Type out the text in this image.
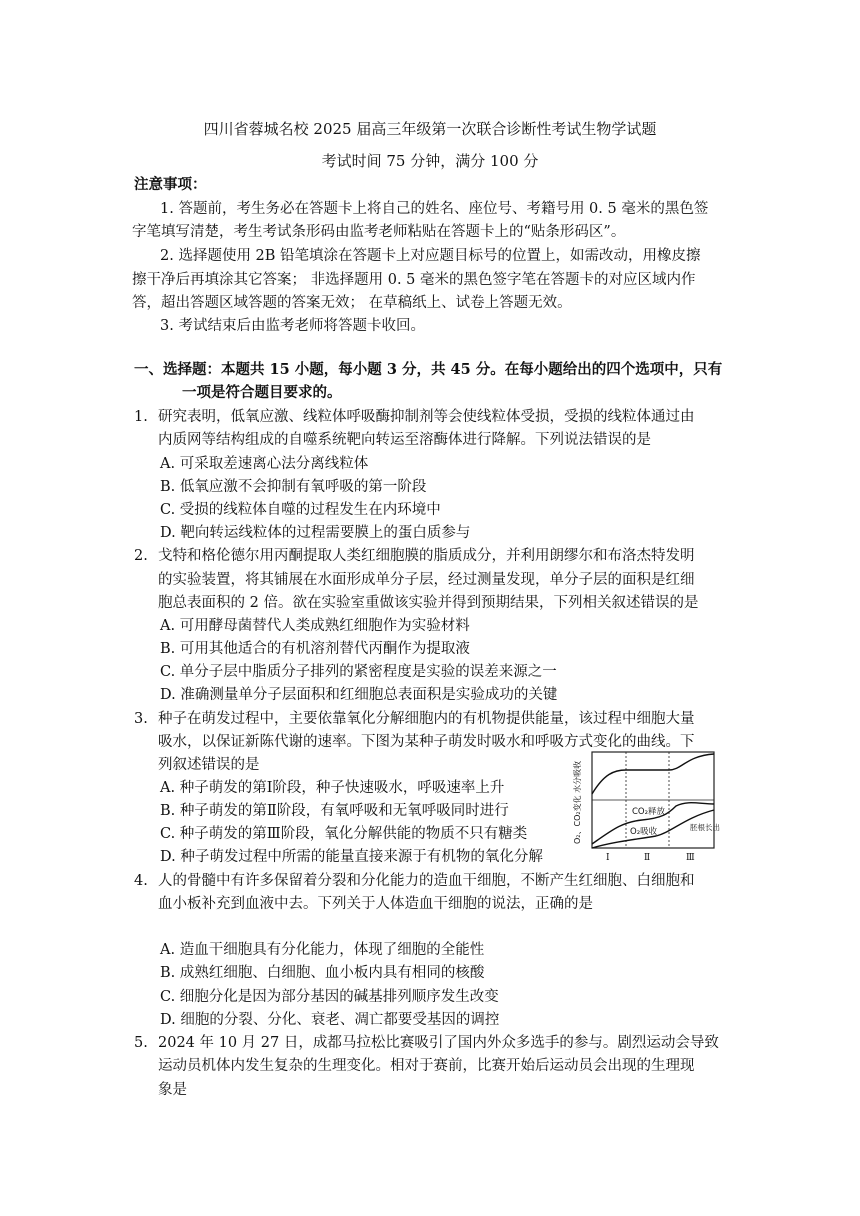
四川省蓉城名校 2025 届高三年级第一次联合诊断性考试生物学试题
考试时间 75 分钟，满分 100 分
注意事项：
1. 答题前，考生务必在答题卡上将自己的姓名、座位号、考籍号用 0. 5 毫米的黑色签
字笔填写清楚，考生考试条形码由监考老师粘贴在答题卡上的“贴条形码区”。
2. 选择题使用 2B 铅笔填涂在答题卡上对应题目标号的位置上，如需改动，用橡皮擦
擦干净后再填涂其它答案； 非选择题用 0. 5 毫米的黑色签字笔在答题卡的对应区域内作
答，超出答题区域答题的答案无效； 在草稿纸上、试卷上答题无效。
3. 考试结束后由监考老师将答题卡收回。
一、选择题：本题共 15 小题，每小题 3 分，共 45 分。在每小题给出的四个选项中，只有
一项是符合题目要求的。
1. 研究表明，低氧应激、线粒体呼吸酶抑制剂等会使线粒体受损，受损的线粒体通过由
内质网等结构组成的自噬系统靶向转运至溶酶体进行降解。下列说法错误的是
A. 可采取差速离心法分离线粒体
B. 低氧应激不会抑制有氧呼吸的第一阶段
C. 受损的线粒体自噬的过程发生在内环境中
D. 靶向转运线粒体的过程需要膜上的蛋白质参与
2. 戈特和格伦德尔用丙酮提取人类红细胞膜的脂质成分，并利用朗缪尔和布洛杰特发明
的实验装置，将其铺展在水面形成单分子层，经过测量发现，单分子层的面积是红细
胞总表面积的 2 倍。欲在实验室重做该实验并得到预期结果，下列相关叙述错误的是
A. 可用酵母菌替代人类成熟红细胞作为实验材料
B. 可用其他适合的有机溶剂替代丙酮作为提取液
C. 单分子层中脂质分子排列的紧密程度是实验的误差来源之一
D. 准确测量单分子层面积和红细胞总表面积是实验成功的关键
3. 种子在萌发过程中，主要依靠氧化分解细胞内的有机物提供能量，该过程中细胞大量
吸水，以保证新陈代谢的速率。下图为某种子萌发时吸水和呼吸方式变化的曲线。下
列叙述错误的是
A. 种子萌发的第Ⅰ阶段，种子快速吸水，呼吸速率上升
B. 种子萌发的第Ⅱ阶段，有氧呼吸和无氧呼吸同时进行
C. 种子萌发的第Ⅲ阶段，氧化分解供能的物质不只有糖类
D. 种子萌发过程中所需的能量直接来源于有机物的氧化分解
O₂、CO₂变化 水分吸收	CO₂释放
O₂吸收	胚根长出
Ⅰ	Ⅱ	Ⅲ
4. 人的骨髓中有许多保留着分裂和分化能力的造血干细胞，不断产生红细胞、白细胞和
血小板补充到血液中去。下列关于人体造血干细胞的说法，正确的是
A. 造血干细胞具有分化能力，体现了细胞的全能性
B. 成熟红细胞、白细胞、血小板内具有相同的核酸
C. 细胞分化是因为部分基因的碱基排列顺序发生改变
D. 细胞的分裂、分化、衰老、凋亡都要受基因的调控
5. 2024 年 10 月 27 日，成都马拉松比赛吸引了国内外众多选手的参与。剧烈运动会导致
运动员机体内发生复杂的生理变化。相对于赛前，比赛开始后运动员会出现的生理现
象是
